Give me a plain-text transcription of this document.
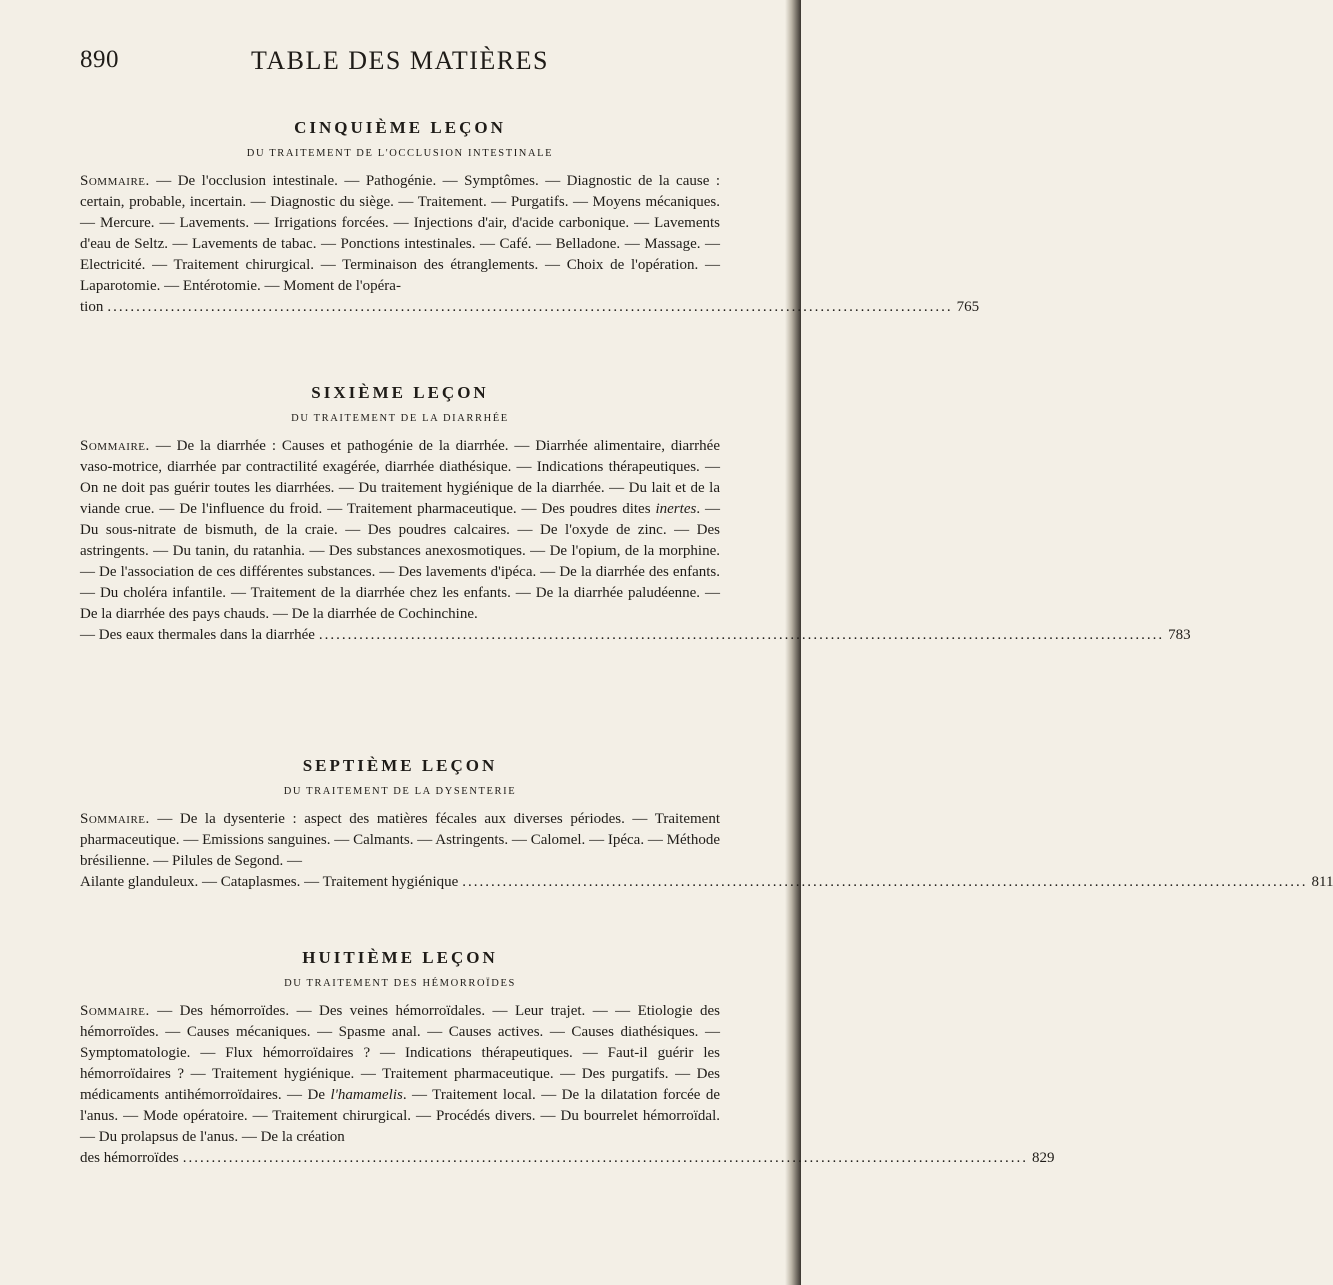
890	TABLE DES MATIÈRES
CINQUIÈME LEÇON
DU TRAITEMENT DE L'OCCLUSION INTESTINALE

Sommaire. — De l'occlusion intestinale. — Pathogénie. — Symptômes. — Diagnostic de la cause : certain, probable, incertain. — Diagnostic du siège. — Traitement. — Purgatifs. — Moyens mécaniques. — Mercure. — Lavements. — Irrigations forcées. — Injections d'air, d'acide carbonique. — Lavements d'eau de Seltz. — Lavements de tabac. — Ponctions intestinales. — Café. — Belladone. — Massage. — Electricité. — Traitement chirurgical. — Terminaison des étranglements. — Choix de l'opération. — Laparotomie. — Entérotomie. — Moment de l'opéra-

tion ................................................................................................................................................... 765
SIXIÈME LEÇON
DU TRAITEMENT DE LA DIARRHÉE

Sommaire. — De la diarrhée : Causes et pathogénie de la diarrhée. — Diarrhée alimentaire, diarrhée vaso-motrice, diarrhée par contractilité exagérée, diarrhée diathésique. — Indications thérapeutiques. — On ne doit pas guérir toutes les diarrhées. — Du traitement hygiénique de la diarrhée. — Du lait et de la viande crue. — De l'influence du froid. — Traitement pharmaceutique. — Des poudres dites inertes. — Du sous-nitrate de bismuth, de la craie. — Des poudres calcaires. — De l'oxyde de zinc. — Des astringents. — Du tanin, du ratanhia. — Des substances anexosmotiques. — De l'opium, de la morphine. — De l'association de ces différentes substances. — Des lavements d'ipéca. — De la diarrhée des enfants. — Du choléra infantile. — Traitement de la diarrhée chez les enfants. — De la diarrhée paludéenne. — De la diarrhée des pays chauds. — De la diarrhée de Cochinchine.

— Des eaux thermales dans la diarrhée ................................................................................................................................................... 783
SEPTIÈME LEÇON
DU TRAITEMENT DE LA DYSENTERIE

Sommaire. — De la dysenterie : aspect des matières fécales aux diverses périodes. — Traitement pharmaceutique. — Emissions sanguines. — Calmants. — Astringents. — Calomel. — Ipéca. — Méthode brésilienne. — Pilules de Segond. —

Ailante glanduleux. — Cataplasmes. — Traitement hygiénique ................................................................................................................................................... 811
HUITIÈME LEÇON
DU TRAITEMENT DES HÉMORROÏDES

Sommaire. — Des hémorroïdes. — Des veines hémorroïdales. — Leur trajet. — — Etiologie des hémorroïdes. — Causes mécaniques. — Spasme anal. — Causes actives. — Causes diathésiques. — Symptomatologie. — Flux hémorroïdaires ? — Indications thérapeutiques. — Faut-il guérir les hémorroïdaires ? — Traitement hygiénique. — Traitement pharmaceutique. — Des purgatifs. — Des médicaments antihémorroïdaires. — De l'hamamelis. — Traitement local. — De la dilatation forcée de l'anus. — Mode opératoire. — Traitement chirurgical. — Procédés divers. — Du bourrelet hémorroïdal. — Du prolapsus de l'anus. — De la création

des hémorroïdes ................................................................................................................................................... 829
